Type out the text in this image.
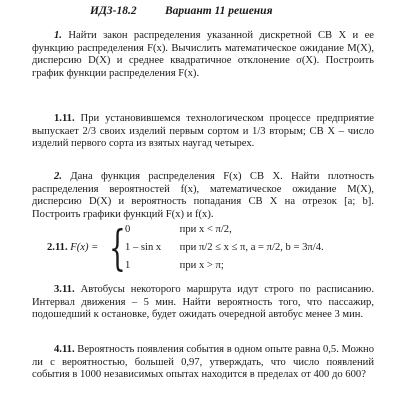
ИДЗ-18.2 Вариант 11 решения

1. Найти закон распределения указанной дискретной СВ X и ее функцию распределения F(x). Вычислить математическое ожидание M(X), дисперсию D(X) и среднее квадратичное отклонение σ(X). Построить график функции распределения F(x).

1.11. При установившемся технологическом процессе предприятие выпускает 2/3 своих изделий первым сортом и 1/3 вторым; СВ X – число изделий первого сорта из взятых наугад четырех.

2. Дана функция распределения F(x) СВ X. Найти плотность распределения вероятностей f(x), математическое ожидание M(X), дисперсию D(X) и вероятность попадания СВ X на отрезок [a; b]. Построить графики функций F(x) и f(x).

2.11. F(x) = { 0	при x < π/2,
1 – sin x при π/2 ≤ x ≤ π, a = π/2, b = 3π/4.
1	при x > π;

3.11. Автобусы некоторого маршрута идут строго по расписанию. Интервал движения – 5 мин. Найти вероятность того, что пассажир, подошедший к остановке, будет ожидать очередной автобус менее 3 мин.

4.11. Вероятность появления события в одном опыте равна 0,5. Можно ли с вероятностью, большей 0,97, утверждать, что число появлений события в 1000 независимых опытах находится в пределах от 400 до 600?
